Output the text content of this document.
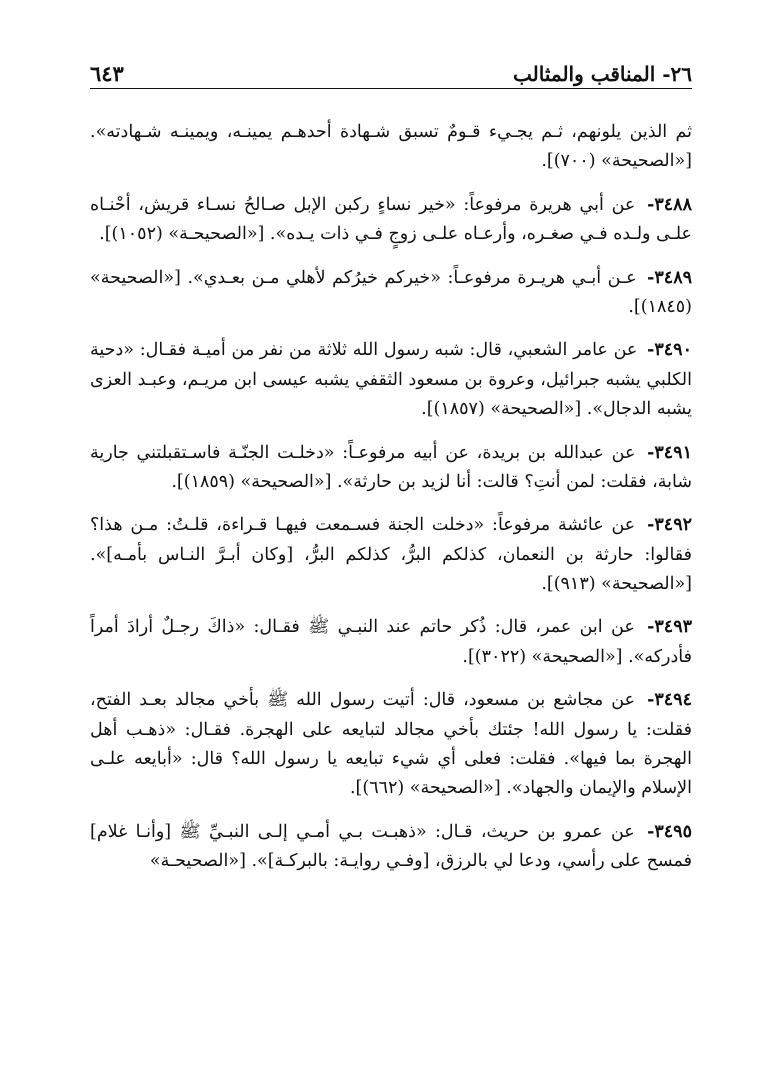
٢٦- المناقب والمثالب
٦٤٣

ثم الذين يلونهم، ثـم يجـيء قـومٌ تسبق شـهادة أحدهـم يمينـه، ويمينـه شـهادته». [«الصحيحة» (٧٠٠)].

٣٤٨٨- عن أبي هريرة مرفوعاً: «خير نساءٍ ركبن الإبل صـالحُ نسـاء قريش، أحْنـاه علـى ولـده فـي صغـره، وأرعـاه علـى زوجٍ فـي ذات يـده». [«الصحيحـة» (١٠٥٢)].

٣٤٨٩- عـن أبـي هريـرة مرفوعـاً: «خيركم خيرُكم لأهلي مـن بعـدي». [«الصحيحة» (١٨٤٥)].

٣٤٩٠- عن عامر الشعبي، قال: شبه رسول الله ثلاثة من نفر من أميـة فقـال: «دحية الكلبي يشبه جبرائيل، وعروة بن مسعود الثقفي يشبه عيسى ابن مريـم، وعبـد العزى يشبه الدجال». [«الصحيحة» (١٨٥٧)].

٣٤٩١- عن عبدالله بن بريدة، عن أبيه مرفوعـاً: «دخلـت الجنّـة فاسـتقبلتني جارية شابة، فقلت: لمن أنتِ؟ قالت: أنا لزيد بن حارثة». [«الصحيحة» (١٨٥٩)].

٣٤٩٢- عن عائشة مرفوعاً: «دخلت الجنة فسـمعت فيهـا قـراءة، قلـتُ: مـن هذا؟ فقالوا: حارثة بن النعمان، كذلكم البرُّ، كذلكم البرُّ، [وكان أبـرَّ النـاس بأمـه]». [«الصحيحة» (٩١٣)].

٣٤٩٣- عن ابن عمر، قال: ذُكر حاتم عند النبـي ﷺ فقـال: «ذاكَ رجـلٌ أرادَ أمراً فأدركه». [«الصحيحة» (٣٠٢٢)].

٣٤٩٤- عن مجاشع بن مسعود، قال: أتيت رسول الله ﷺ بأخي مجالد بعـد الفتح، فقلت: يا رسول الله! جئتك بأخي مجالد لتبايعه على الهجرة. فقـال: «ذهـب أهل الهجرة بما فيها». فقلت: فعلى أي شيء تبايعه يا رسول الله؟ قال: «أبايعه علـى الإسلام والإيمان والجهاد». [«الصحيحة» (٦٦٢)].

٣٤٩٥- عن عمرو بن حريث، قـال: «ذهبـت بـي أمـي إلـى النبـيِّ ﷺ [وأنـا غلام] فمسح على رأسي، ودعا لي بالرزق، [وفـي روايـة: بالبركـة]». [«الصحيحـة»
